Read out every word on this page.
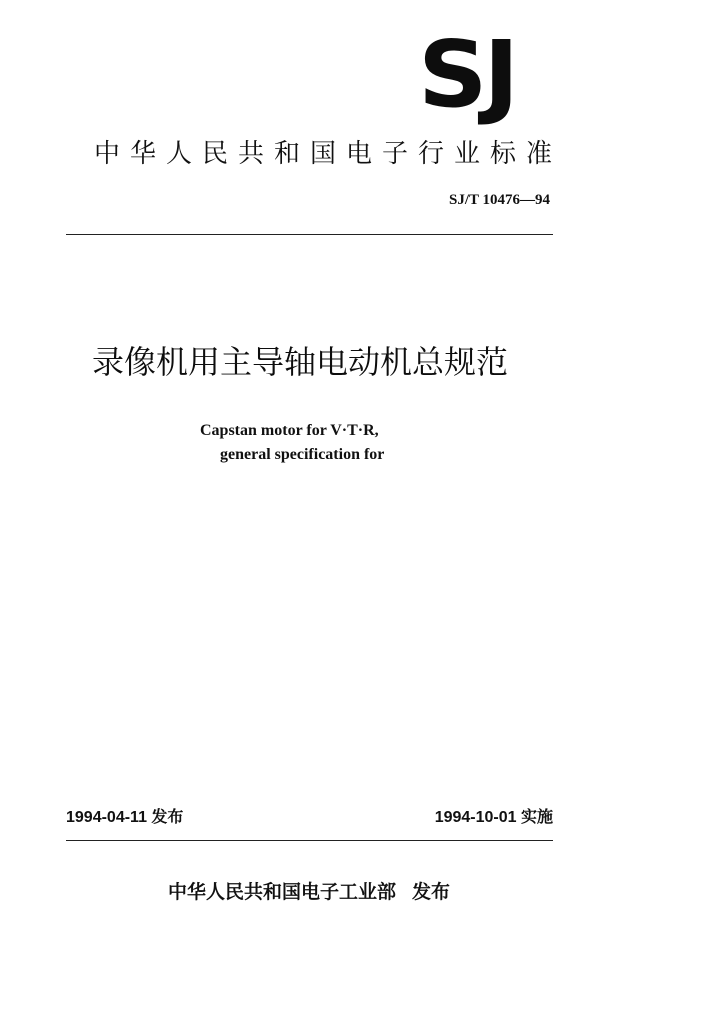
SJ
中华人民共和国电子行业标准
SJ/T 10476—94
录像机用主导轴电动机总规范
Capstan motor for V·T·R,
general specification for
1994-04-11 发布	1994-10-01 实施
中华人民共和国电子工业部 发布
